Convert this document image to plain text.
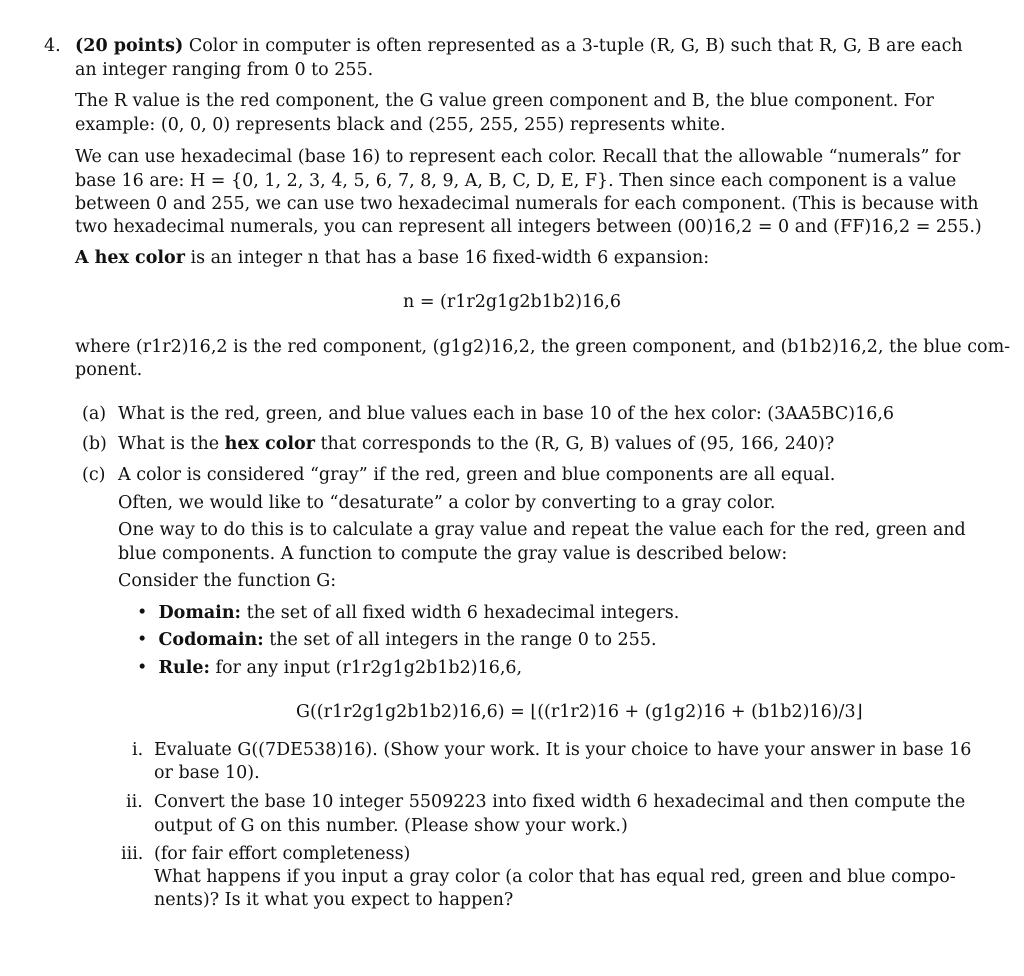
4. (20 points) Color in computer is often represented as a 3-tuple (R, G, B) such that R, G, B are each
an integer ranging from 0 to 255.
The R value is the red component, the G value green component and B, the blue component. For
example: (0, 0, 0) represents black and (255, 255, 255) represents white.
We can use hexadecimal (base 16) to represent each color. Recall that the allowable “numerals” for
base 16 are: H = {0, 1, 2, 3, 4, 5, 6, 7, 8, 9, A, B, C, D, E, F}. Then since each component is a value
between 0 and 255, we can use two hexadecimal numerals for each component. (This is because with
two hexadecimal numerals, you can represent all integers between (00)16,2 = 0 and (FF)16,2 = 255.)
A hex color is an integer n that has a base 16 fixed-width 6 expansion:
n = (r1r2g1g2b1b2)16,6
where (r1r2)16,2 is the red component, (g1g2)16,2, the green component, and (b1b2)16,2, the blue com-
ponent.
(a) What is the red, green, and blue values each in base 10 of the hex color: (3AA5BC)16,6
(b) What is the hex color that corresponds to the (R, G, B) values of (95, 166, 240)?
(c) A color is considered “gray” if the red, green and blue components are all equal.
Often, we would like to “desaturate” a color by converting to a gray color.
One way to do this is to calculate a gray value and repeat the value each for the red, green and
blue components. A function to compute the gray value is described below:
Consider the function G:
• Domain: the set of all fixed width 6 hexadecimal integers.
• Codomain: the set of all integers in the range 0 to 255.
• Rule: for any input (r1r2g1g2b1b2)16,6,
G((r1r2g1g2b1b2)16,6) = ⌊((r1r2)16 + (g1g2)16 + (b1b2)16)/3⌋
i. Evaluate G((7DE538)16). (Show your work. It is your choice to have your answer in base 16
or base 10).
ii. Convert the base 10 integer 5509223 into fixed width 6 hexadecimal and then compute the
output of G on this number. (Please show your work.)
iii. (for fair effort completeness)
What happens if you input a gray color (a color that has equal red, green and blue compo-
nents)? Is it what you expect to happen?
